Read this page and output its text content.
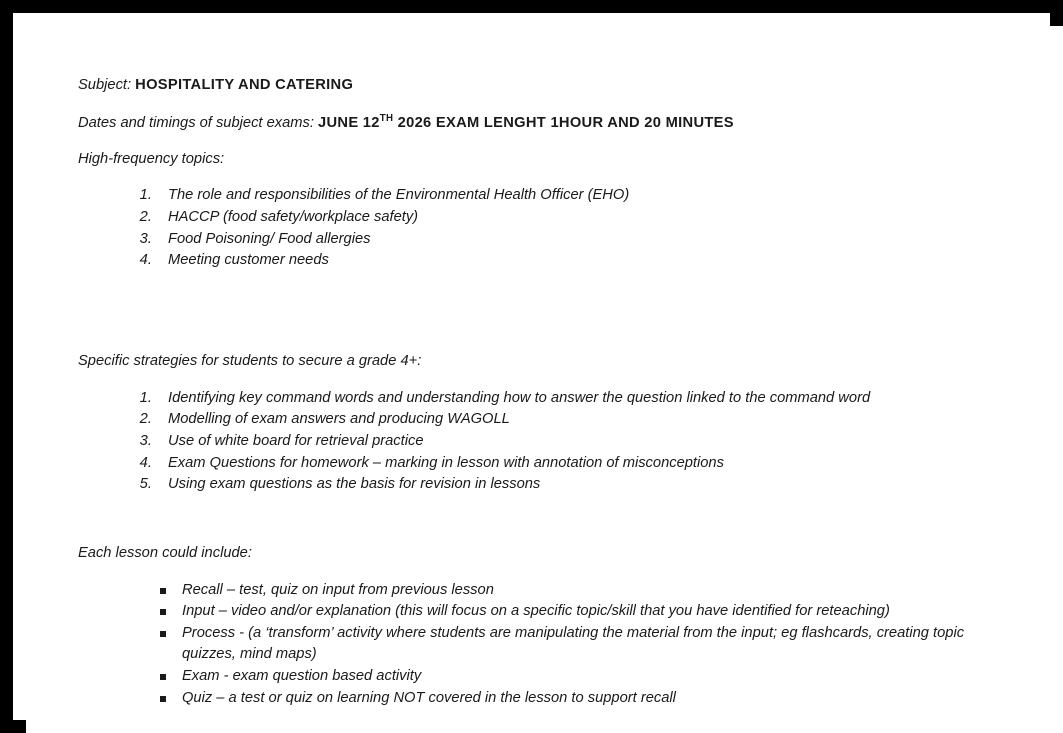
Subject: HOSPITALITY AND CATERING

Dates and timings of subject exams: JUNE 12TH 2026 EXAM LENGHT 1HOUR AND 20 MINUTES

High-frequency topics:

1. The role and responsibilities of the Environmental Health Officer (EHO)
2. HACCP (food safety/workplace safety)
3. Food Poisoning/ Food allergies
4. Meeting customer needs

Specific strategies for students to secure a grade 4+:

1. Identifying key command words and understanding how to answer the question linked to the command word
2. Modelling of exam answers and producing WAGOLL
3. Use of white board for retrieval practice
4. Exam Questions for homework – marking in lesson with annotation of misconceptions
5. Using exam questions as the basis for revision in lessons

Each lesson could include:

Recall – test, quiz on input from previous lesson
Input – video and/or explanation (this will focus on a specific topic/skill that you have identified for reteaching)
Process - (a ‘transform’ activity where students are manipulating the material from the input; eg flashcards, creating topic quizzes, mind maps)
Exam - exam question based activity
Quiz – a test or quiz on learning NOT covered in the lesson to support recall
